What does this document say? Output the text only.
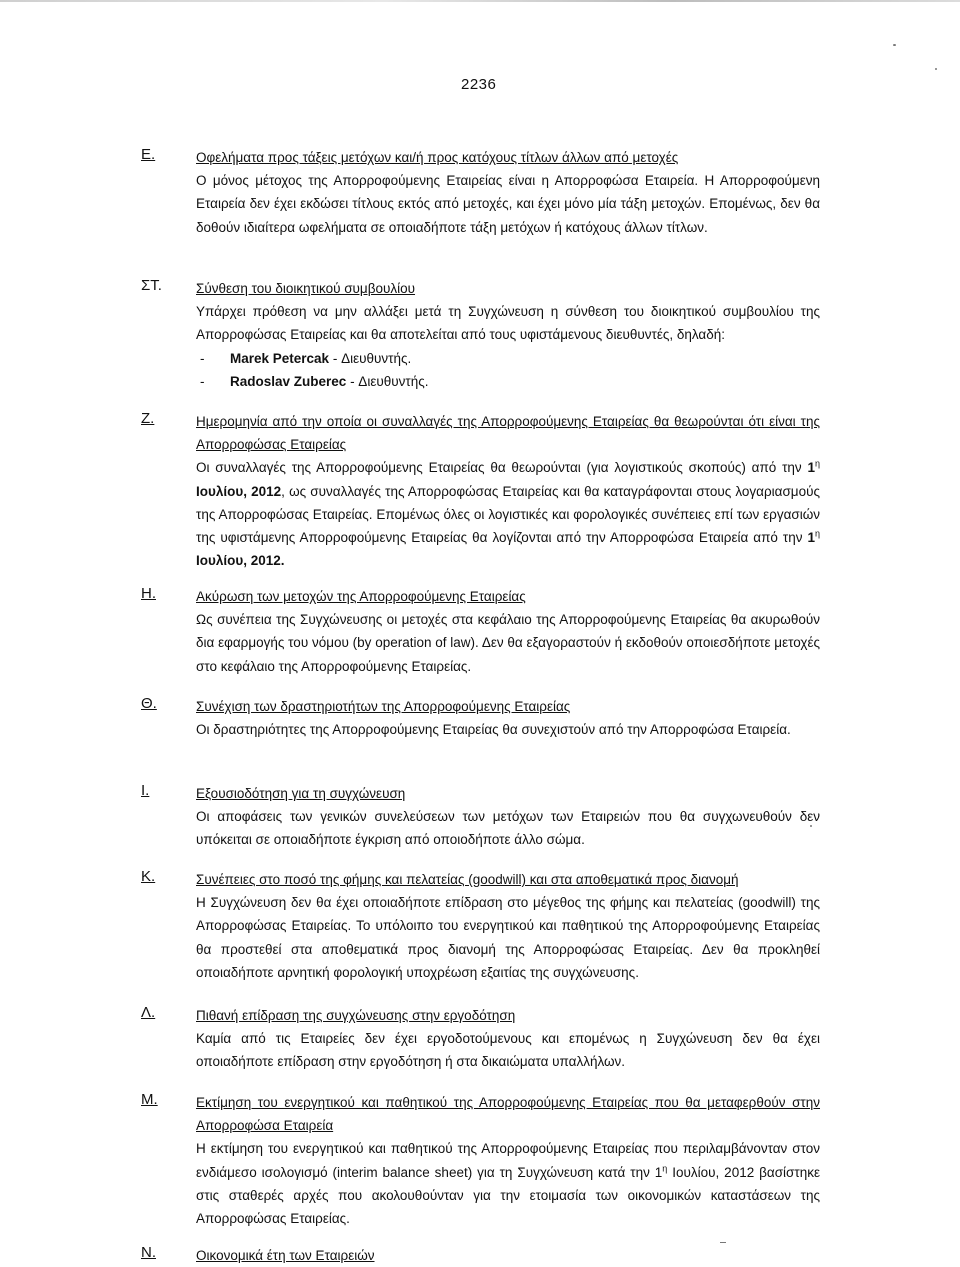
2236
E.	Οφελήματα προς τάξεις μετόχων και/ή προς κατόχους τίτλων άλλων από μετοχές

Ο μόνος μέτοχος της Απορροφούμενης Εταιρείας είναι η Απορροφώσα Εταιρεία. Η Απορροφούμενη Εταιρεία δεν έχει εκδώσει τίτλους εκτός από μετοχές, και έχει μόνο μία τάξη μετοχών. Επομένως, δεν θα δοθούν ιδιαίτερα ωφελήματα σε οποιαδήποτε τάξη μετόχων ή κατόχους άλλων τίτλων.

ΣΤ.	Σύνθεση του διοικητικού συμβουλίου

Υπάρχει πρόθεση να μην αλλάξει μετά τη Συγχώνευση η σύνθεση του διοικητικού συμβουλίου της Απορροφώσας Εταιρείας και θα αποτελείται από τους υφιστάμενους διευθυντές, δηλαδή:

- Marek Petercak - Διευθυντής.
- Radoslav Zuberec - Διευθυντής.
Ζ.	Ημερομηνία από την οποία οι συναλλαγές της Απορροφούμενης Εταιρείας θα θεωρούνται ότι είναι της Απορροφώσας Εταιρείας

Οι συναλλαγές της Απορροφούμενης Εταιρείας θα θεωρούνται (για λογιστικούς σκοπούς) από την $1^\eta$ Ιουλίου, 2012, ως συναλλαγές της Απορροφώσας Εταιρείας και θα καταγράφονται στους λογαριασμούς της Απορροφώσας Εταιρείας. Επομένως όλες οι λογιστικές και φορολογικές συνέπειες επί των εργασιών της υφιστάμενης Απορροφούμενης Εταιρείας θα λογίζονται από την Απορροφώσα Εταιρεία από την $1^\eta$ Ιουλίου, 2012.

Η.	Ακύρωση των μετοχών της Απορροφούμενης Εταιρείας

Ως συνέπεια της Συγχώνευσης οι μετοχές στα κεφάλαιο της Απορροφούμενης Εταιρείας θα ακυρωθούν δια εφαρμογής του νόμου (by operation of law). Δεν θα εξαγοραστούν ή εκδοθούν οποιεσδήποτε μετοχές στο κεφάλαιο της Απορροφούμενης Εταιρείας.

Θ.	Συνέχιση των δραστηριοτήτων της Απορροφούμενης Εταιρείας

Οι δραστηριότητες της Απορροφούμενης Εταιρείας θα συνεχιστούν από την Απορροφώσα Εταιρεία.

Ι.	Εξουσιοδότηση για τη συγχώνευση

Οι αποφάσεις των γενικών συνελεύσεων των μετόχων των Εταιρειών που θα συγχωνευθούν δεν υπόκειται σε οποιαδήποτε έγκριση από οποιοδήποτε άλλο σώμα.

Κ.	Συνέπειες στο ποσό της φήμης και πελατείας (goodwill) και στα αποθεματικά προς διανομή

Η Συγχώνευση δεν θα έχει οποιαδήποτε επίδραση στο μέγεθος της φήμης και πελατείας (goodwill) της Απορροφώσας Εταιρείας. Το υπόλοιπο του ενεργητικού και παθητικού της Απορροφούμενης Εταιρείας θα προστεθεί στα αποθεματικά προς διανομή της Απορροφώσας Εταιρείας. Δεν θα προκληθεί οποιαδήποτε αρνητική φορολογική υποχρέωση εξαιτίας της συγχώνευσης.

Λ.	Πιθανή επίδραση της συγχώνευσης στην εργοδότηση

Καμία από τις Εταιρείες δεν έχει εργοδοτούμενους και επομένως η Συγχώνευση δεν θα έχει οποιαδήποτε επίδραση στην εργοδότηση ή στα δικαιώματα υπαλλήλων.

Μ.	Εκτίμηση του ενεργητικού και παθητικού της Απορροφούμενης Εταιρείας που θα μεταφερθούν στην Απορροφώσα Εταιρεία

Η εκτίμηση του ενεργητικού και παθητικού της Απορροφούμενης Εταιρείας που περιλαμβάνονταν στον ενδιάμεσο ισολογισμό (interim balance sheet) για τη Συγχώνευση κατά την $1^\eta$ Ιουλίου, 2012 βασίστηκε στις σταθερές αρχές που ακολουθούνταν για την ετοιμασία των οικονομικών καταστάσεων της Απορροφώσας Εταιρείας.

Ν.	Οικονομικά έτη των Εταιρειών
